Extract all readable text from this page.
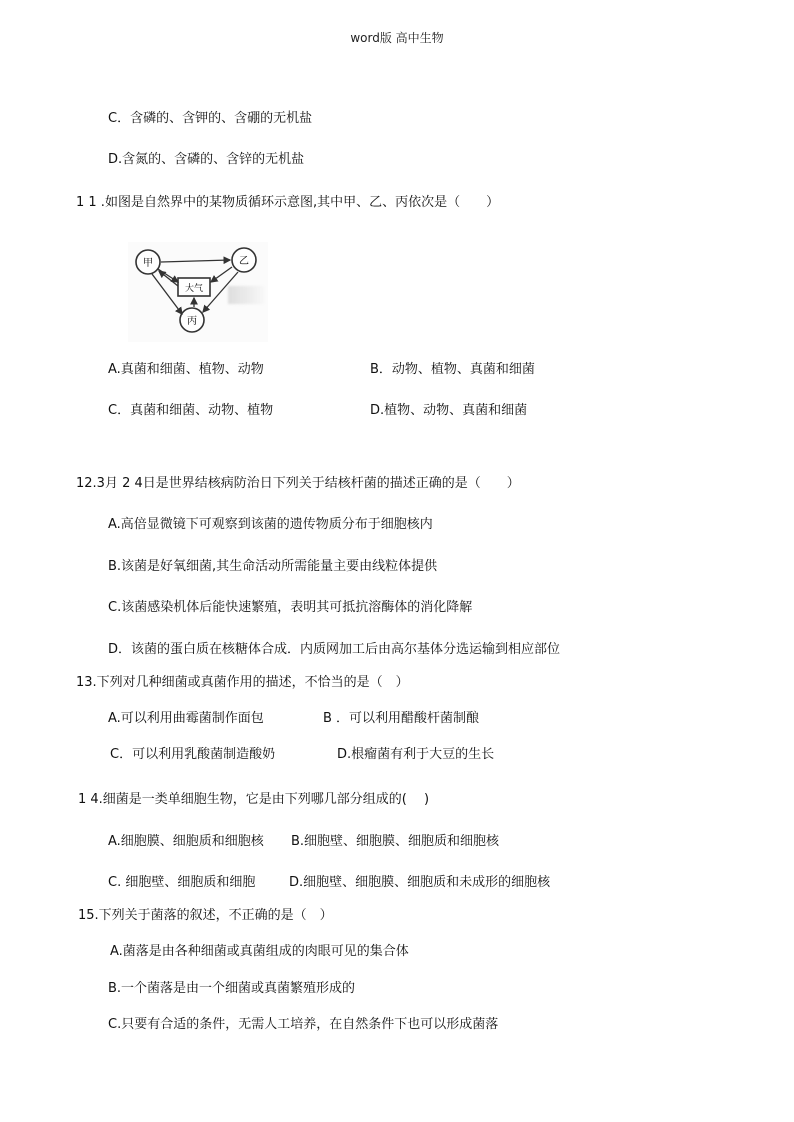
word版 高中生物
C．含磷的、含钾的、含硼的无机盐
D.含氮的、含磷的、含锌的无机盐
1 1 .如图是自然界中的某物质循环示意图,其中甲、乙、丙依次是（　　）
甲	乙
丙
大气
A.真菌和细菌、植物、动物	B．动物、植物、真菌和细菌
C．真菌和细菌、动物、植物	D.植物、动物、真菌和细菌
12.3月 2 4日是世界结核病防治日下列关于结核杆菌的描述正确的是（　　）
A.高倍显微镜下可观察到该菌的遗传物质分布于细胞核内
B.该菌是好氧细菌,其生命活动所需能量主要由线粒体提供
C.该菌感染机体后能快速繁殖，表明其可抵抗溶酶体的消化降解
D．该菌的蛋白质在核糖体合成．内质网加工后由高尔基体分选运输到相应部位
13.下列对几种细菌或真菌作用的描述，不恰当的是（　）
A.可以利用曲霉菌制作面包	B ．可以利用醋酸杆菌制酿
C．可以利用乳酸菌制造酸奶	D.根瘤菌有利于大豆的生长
1 4.细菌是一类单细胞生物，它是由下列哪几部分组成的(　 )
A.细胞膜、细胞质和细胞核 B.细胞壁、细胞膜、细胞质和细胞核
C. 细胞壁、细胞质和细胞	D.细胞壁、细胞膜、细胞质和未成形的细胞核
15.下列关于菌落的叙述，不正确的是（　）
A.菌落是由各种细菌或真菌组成的肉眼可见的集合体
B.一个菌落是由一个细菌或真菌繁殖形成的
C.只要有合适的条件，无需人工培养，在自然条件下也可以形成菌落
